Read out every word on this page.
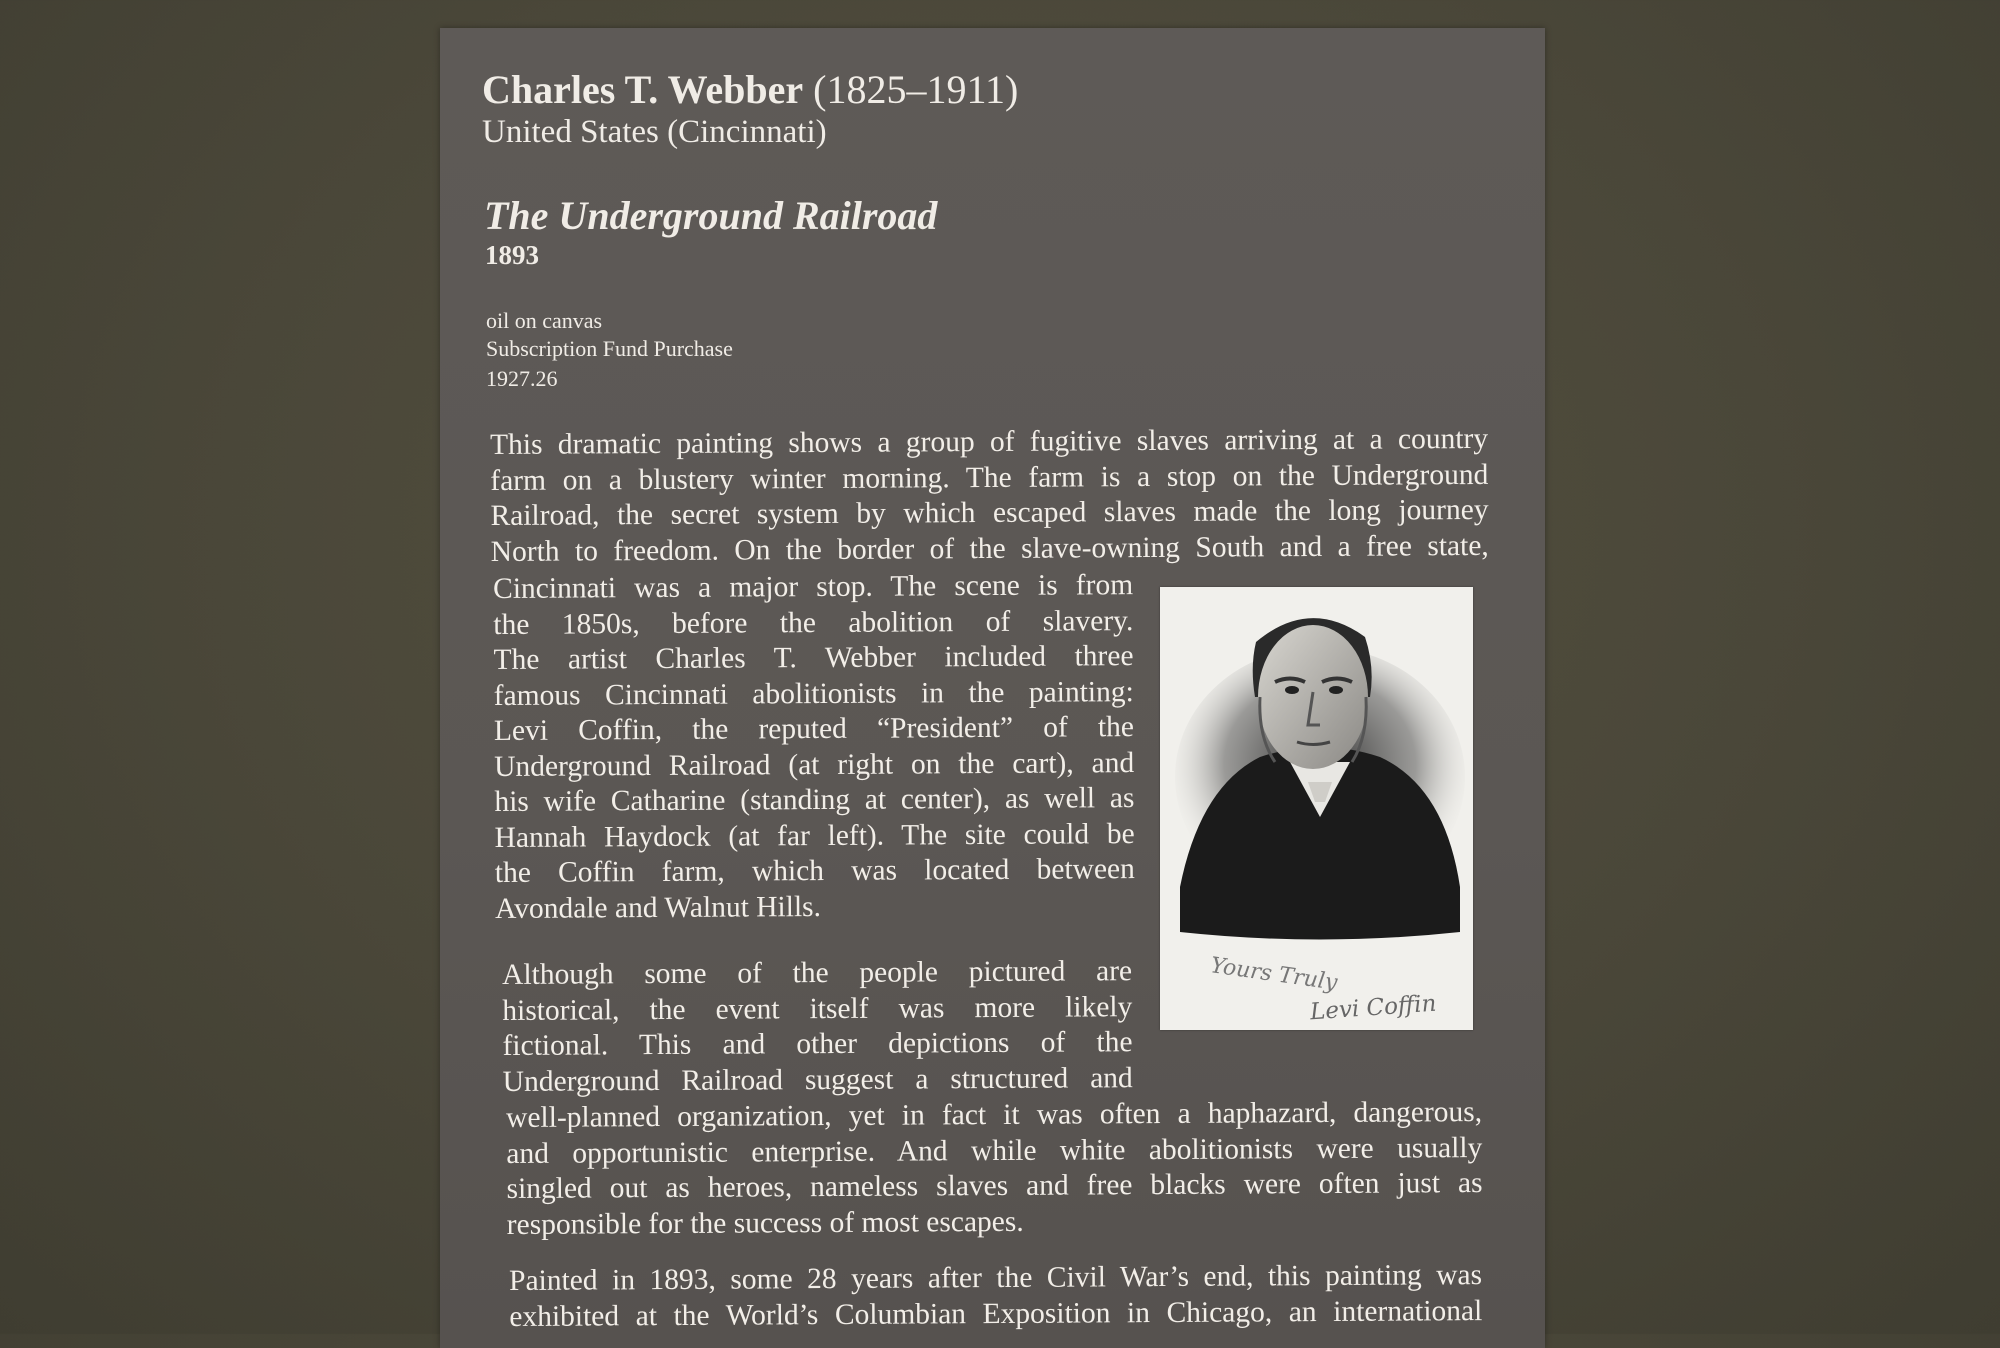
Charles T. Webber (1825–1911)
United States (Cincinnati)
The Underground Railroad
1893
oil on canvas
Subscription Fund Purchase
1927.26
This dramatic painting shows a group of fugitive slaves arriving at a country
farm on a blustery winter morning. The farm is a stop on the Underground
Railroad, the secret system by which escaped slaves made the long journey
North to freedom. On the border of the slave-owning South and a free state,
Cincinnati was a major stop. The scene is from
the 1850s, before the abolition of slavery.
The artist Charles T. Webber included three
famous Cincinnati abolitionists in the painting:
Levi Coffin, the reputed “President” of the
Underground Railroad (at right on the cart), and
his wife Catharine (standing at center), as well as
Hannah Haydock (at far left). The site could be
the Coffin farm, which was located between
Avondale and Walnut Hills.
Although some of the people pictured are
historical, the event itself was more likely
fictional. This and other depictions of the
Underground Railroad suggest a structured and
well-planned organization, yet in fact it was often a haphazard, dangerous,
and opportunistic enterprise. And while white abolitionists were usually
singled out as heroes, nameless slaves and free blacks were often just as
responsible for the success of most escapes.
Painted in 1893, some 28 years after the Civil War’s end, this painting was
exhibited at the World’s Columbian Exposition in Chicago, an international
Yours Truly
Levi Coffin
